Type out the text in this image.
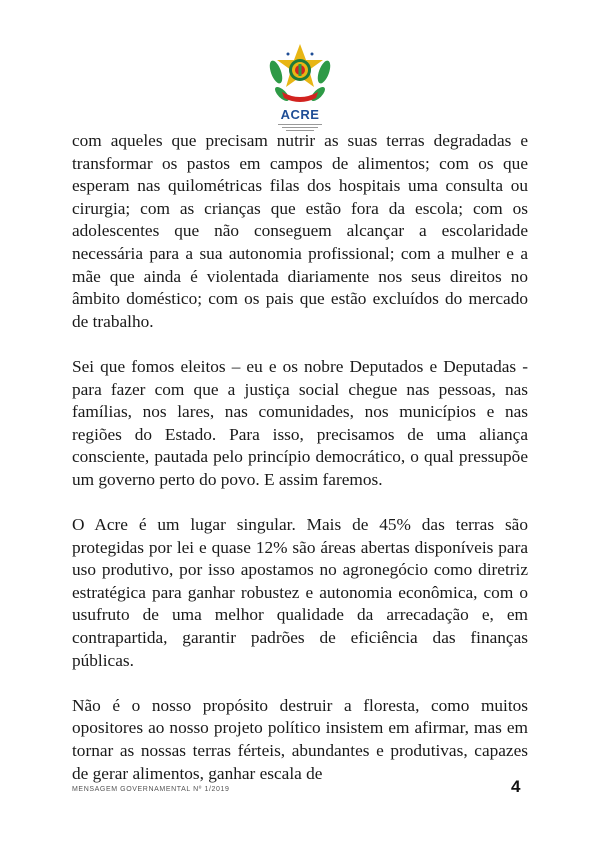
ACRE

com aqueles que precisam nutrir as suas terras degradadas e transformar os pastos em campos de alimentos; com os que esperam nas quilométricas filas dos hospitais uma consulta ou cirurgia; com as crianças que estão fora da escola; com os adolescentes que não conseguem alcançar a escolaridade necessária para a sua autonomia profissional; com a mulher e a mãe que ainda é violentada diariamente nos seus direitos no âmbito doméstico; com os pais que estão excluídos do mercado de trabalho.

Sei que fomos eleitos – eu e os nobre Deputados e Deputadas - para fazer com que a justiça social chegue nas pessoas, nas famílias, nos lares, nas comunidades, nos municípios e nas regiões do Estado. Para isso, precisamos de uma aliança consciente, pautada pelo princípio democrático, o qual pressupõe um governo perto do povo. E assim faremos.

O Acre é um lugar singular. Mais de 45% das terras são protegidas por lei e quase 12% são áreas abertas disponíveis para uso produtivo, por isso apostamos no agronegócio como diretriz estratégica para ganhar robustez e autonomia econômica, com o usufruto de uma melhor qualidade da arrecadação e, em contrapartida, garantir padrões de eficiência das finanças públicas.

Não é o nosso propósito destruir a floresta, como muitos opositores ao nosso projeto político insistem em afirmar, mas em tornar as nossas terras férteis, abundantes e produtivas, capazes de gerar alimentos, ganhar escala de

MENSAGEM GOVERNAMENTAL Nº 1/2019	4
